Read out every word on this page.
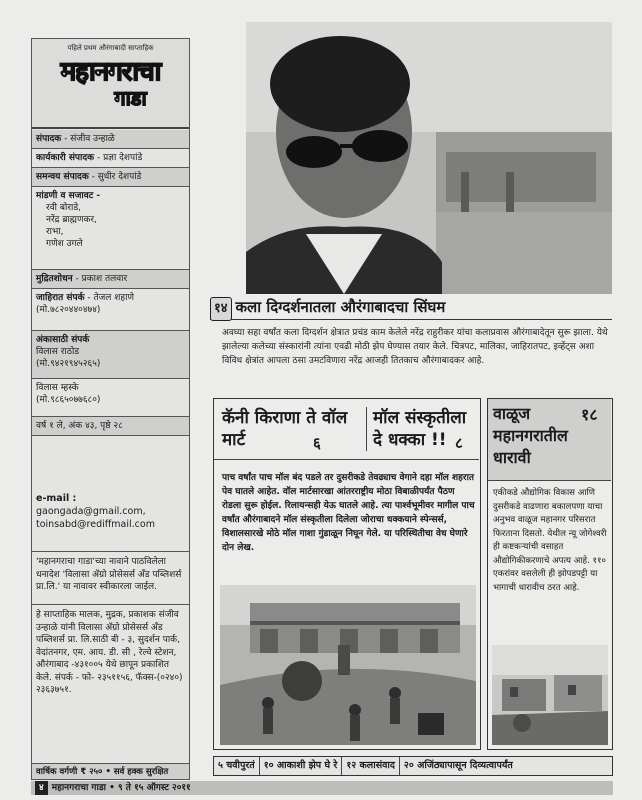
पहिले प्रथम औरंगाबादी साप्ताहिक
महानगराचा
गाडा
संपादक - संजीव उन्हाळे
कार्यकारी संपादक - प्रज्ञा देशपांडे
समन्वय संपादक - सुधीर देशपांडे
मांडणी व सजावट -
रवी बोराडे,
नरेंद्र ब्राह्मणकर,
राभा,
गणेश उगले
मुद्रितशोधन - प्रकाश तलवार
जाहिरात संपर्क - तेजल शहाणे
(मो.७८२०४४०४७४)
अंकासाठी संपर्क
विलास राठोड
(मो.९४२१९४५२६५)
विलास म्हस्के
(मो.९८६५०७७६८०)
वर्ष १ ले, अंक ४३, पृष्ठे २८
e-mail :
gaongada@gmail.com,
toinsabd@rediffmail.com
'महानगराचा गाडा'च्या नावाने पाठविलेला धनादेश 'विलासा ॲग्रो प्रोसेसर्स ॲंड पब्लिशर्स प्रा.लि.' या नावावर स्वीकारला जाईल.
हे साप्ताहिक मालक, मुद्रक, प्रकाशक संजीव उन्हाळे यांनी विलासा ॲग्रो प्रोसेसर्स ॲंड पब्लिशर्स प्रा. लि.साठी बी - ३, सुदर्शन पार्क, वेदांतनगर, एम. आय. डी. सी , रेल्वे स्टेशन, औरंगाबाद -४३१००५ येथे छापून प्रकाशित केले. संपर्क - फो- २३५११५६, फॅक्स-(०२४०) २३६३७५१.
वार्षिक वर्गणी ₹ २५० • सर्व हक्क सुरक्षित
१४ कला दिग्दर्शनातला औरंगाबादचा सिंघम
अवघ्या सहा वर्षांत कला दिग्दर्शन क्षेत्रात प्रचंड काम केलेले नरेंद्र राहुरीकर यांचा कलाप्रवास औरंगाबादेतून सुरू झाला. येथे झालेल्या कलेच्या संस्कारांनी त्यांना एवढी मोठी झेप घेण्यास तयार केले. चित्रपट, मालिका, जाहिरातपट, इव्हेंट्स अशा विविध क्षेत्रांत आपला ठसा उमटविणारा नरेंद्र आजही तितकाच औरंगाबादकर आहे.
कॅनी किराणा ते वॉल मार्ट	६
मॉल संस्कृतीला दे धक्का !! ८
पाच वर्षांत पाच मॉल बंद पडले तर दुसरीकडे तेवढ्याच वेगाने दहा मॉल शहरात पेव घातले आहेत. वॉल मार्टसारखा आंतरराष्ट्रीय मोठा विबाळीपर्यंत पैठण रोडला सुरू होईल. रिलायन्सही येऊ घातले आहे. त्या पार्श्वभूमीवर मागील पाच वर्षांत औरंगाबादने मॉल संस्कृतीला दिलेला जोराचा धक्कयाने स्पेन्सर्स, विशालसारखे मोठे मॉल गाशा गुंडाळून निघून गेले. या परिस्थितीचा वेध घेणारे दोन लेख.
वाळूज महानगरातील धारावी
१८
एकीकडे औद्योगिक विकास आणि दुसरीकडे वाढणारा बकालपणा याचा अनुभव वाळूज महानगर परिसरात फिरताना दिसतो. येथील न्यू जोगेश्वरी ही कष्टकऱ्यांची वसाहत औद्योगिकीकरणाचे अपत्य आहे. ११० एकरांवर वसलेली ही झोपडपट्टी या भागाची धारावीच ठरत आहे.
५ चवीपुरतं १० आकाशी झेप घे रे १२ कलासंवाद २० अजिंठ्यापासून दिव्यत्वापर्यंत
४ महानगराचा गाडा • ९ ते १५ ऑगस्ट २०११
